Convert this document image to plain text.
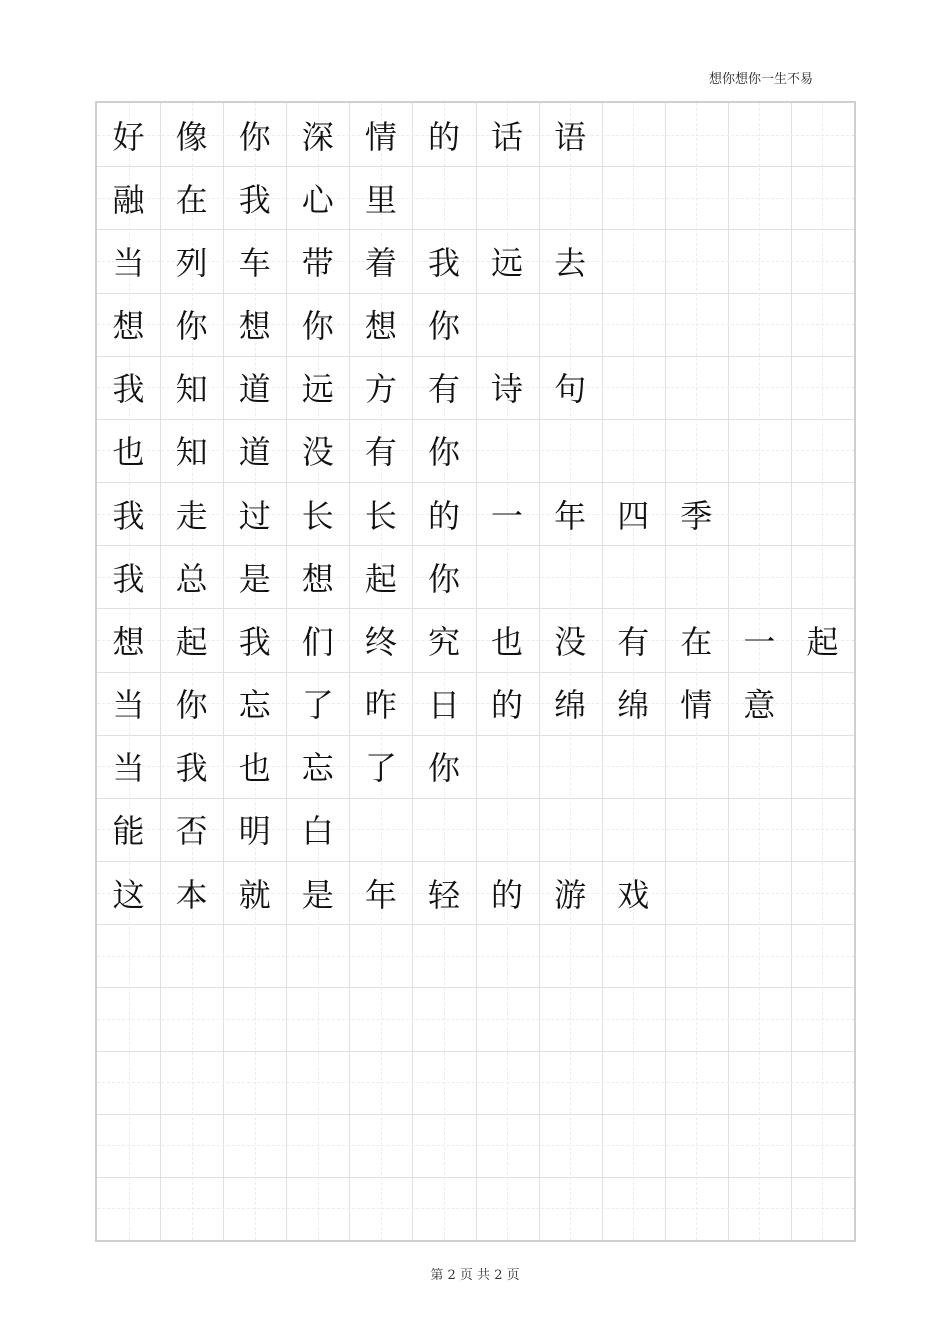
想你想你一生不易
好 像 你 深 情 的 话 语
融 在 我 心 里
当 列 车 带 着 我 远 去
想 你 想 你 想 你
我 知 道 远 方 有 诗 句
也 知 道 没 有 你
我 走 过 长 长 的 一 年 四 季
我 总 是 想 起 你
想 起 我 们 终 究 也 没 有 在 一 起
当 你 忘 了 昨 日 的 绵 绵 情 意
当 我 也 忘 了 你
能 否 明 白
这 本 就 是 年 轻 的 游 戏
第 2 页 共 2 页
